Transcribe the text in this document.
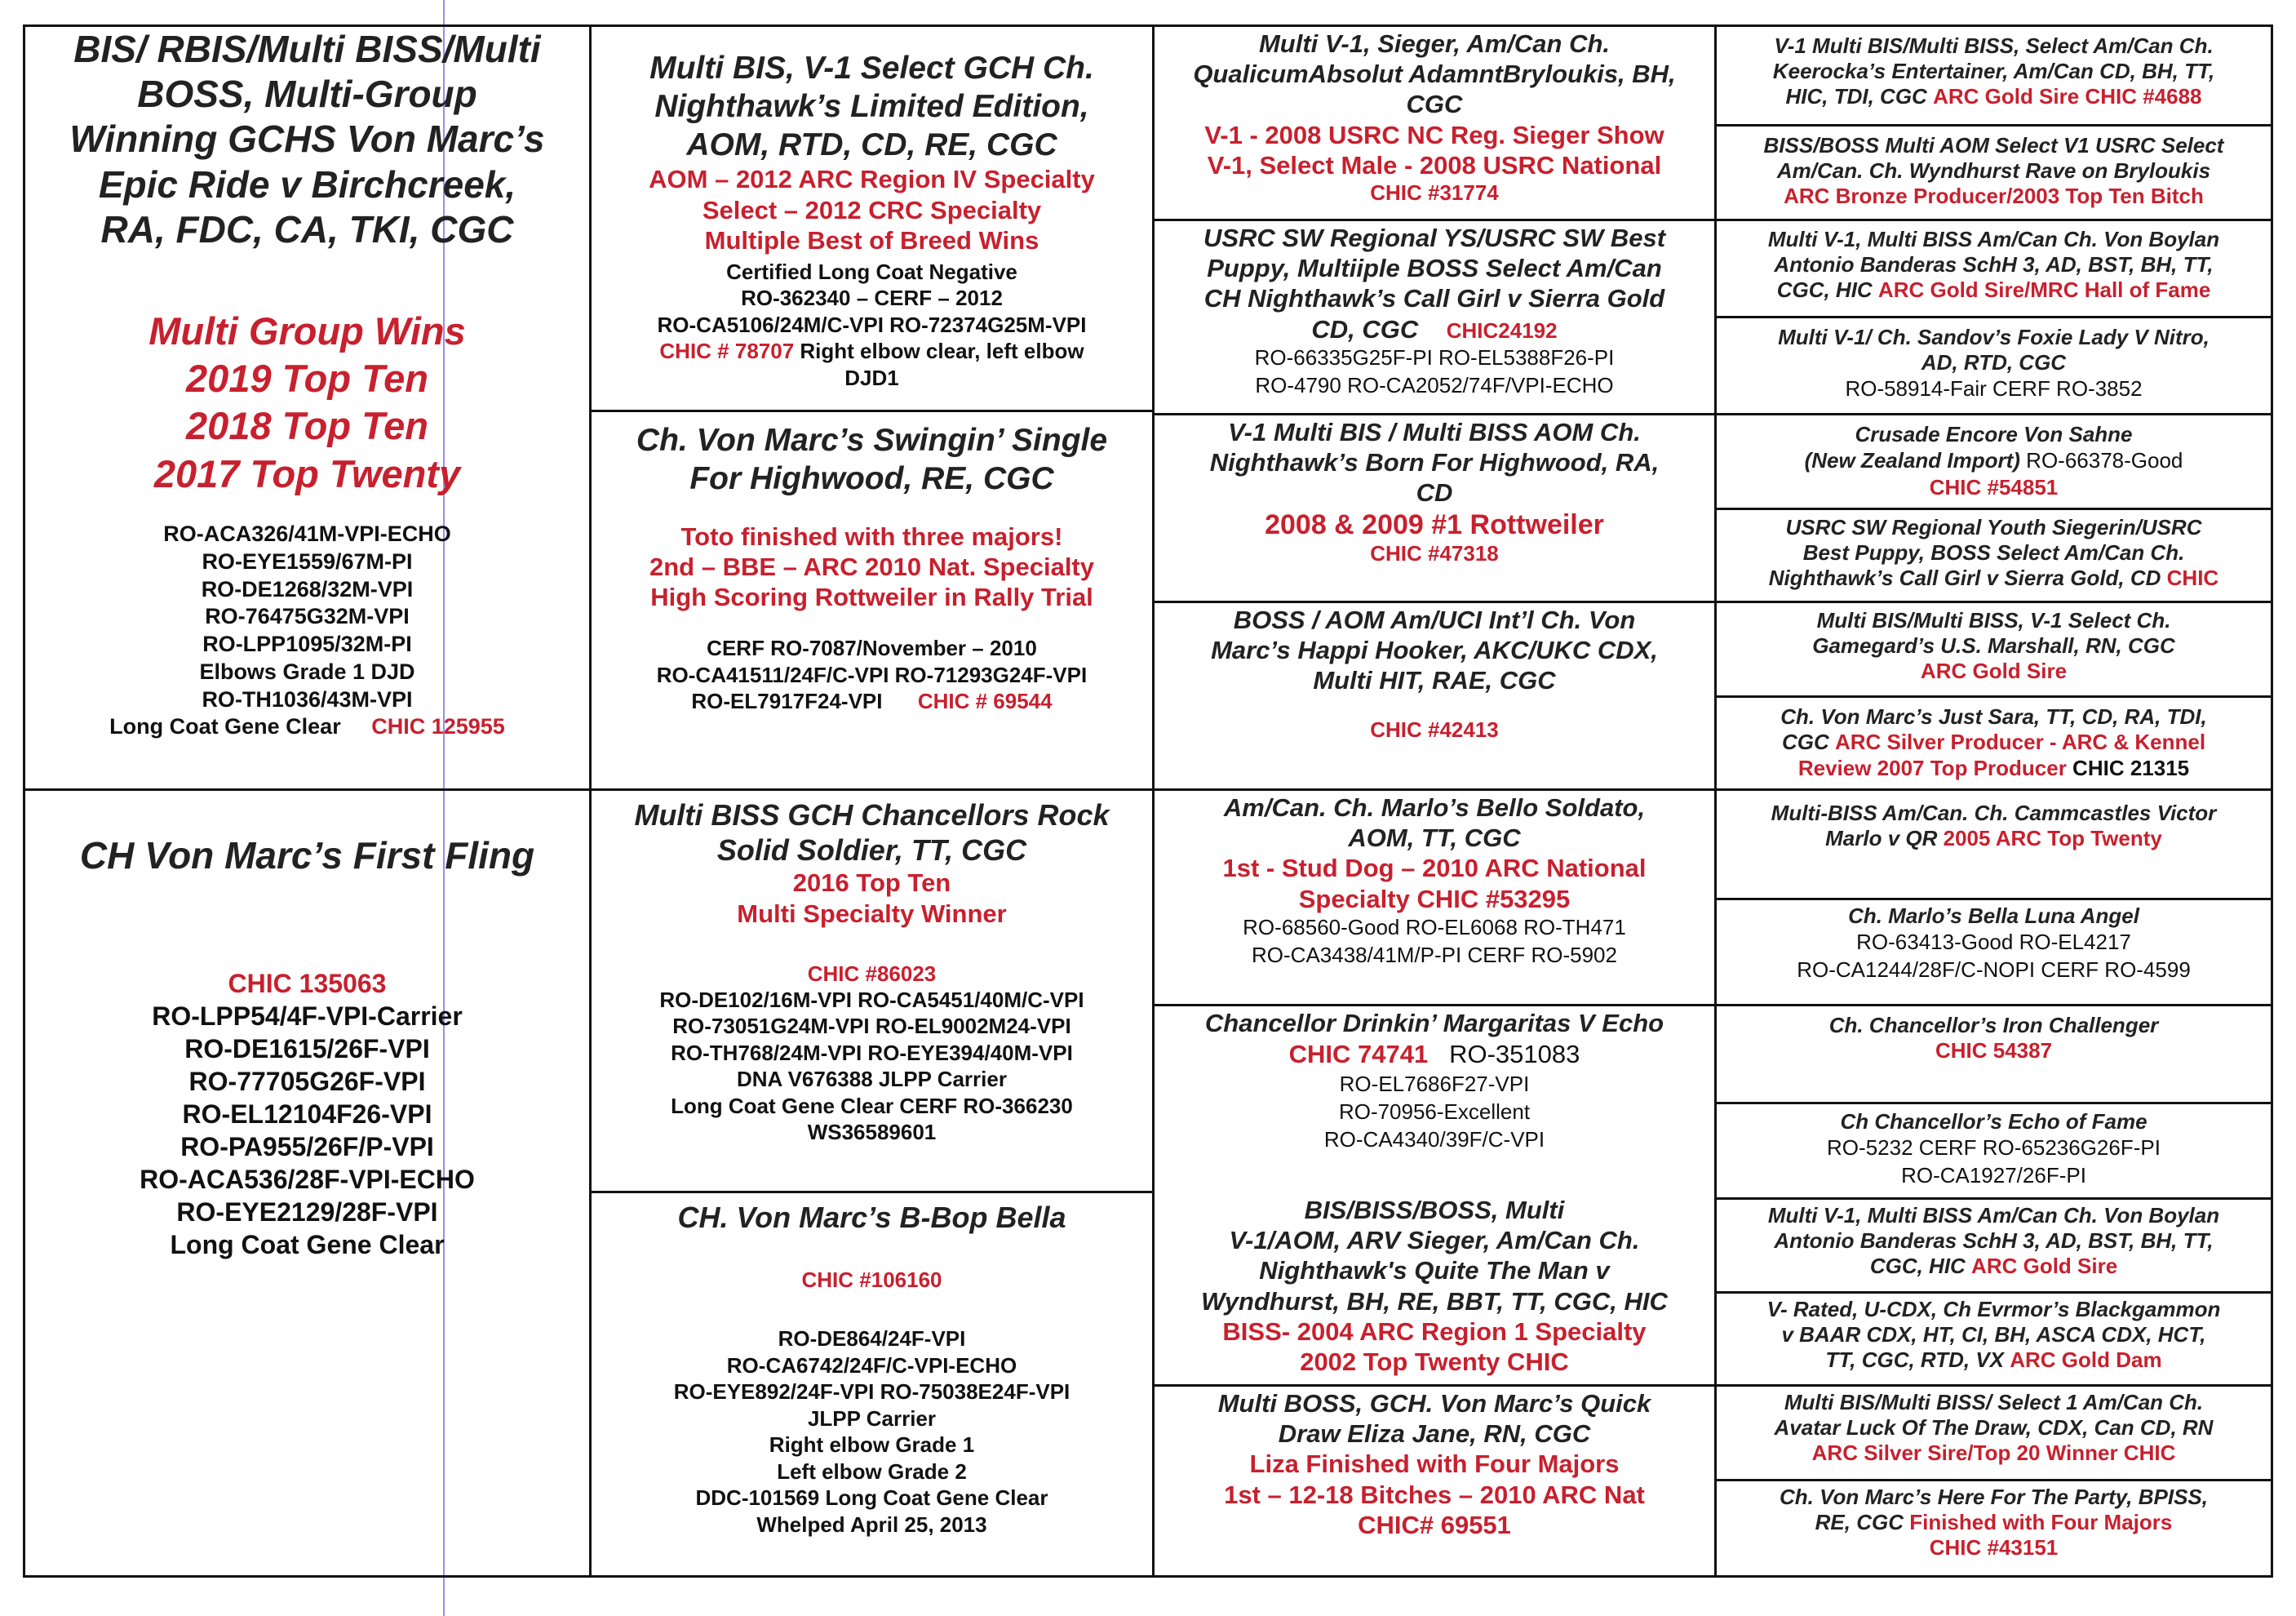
BIS/ RBIS/Multi BISS/Multi
BOSS, Multi-Group
Winning GCHS Von Marc’s
Epic Ride v Birchcreek,
RA, FDC, CA, TKI, CGC
Multi Group Wins
2019 Top Ten
2018 Top Ten
2017 Top Twenty
RO-ACA326/41M-VPI-ECHO
RO-EYE1559/67M-PI
RO-DE1268/32M-VPI
RO-76475G32M-VPI
RO-LPP1095/32M-PI
Elbows Grade 1 DJD
RO-TH1036/43M-VPI
Long Coat Gene Clear CHIC 125955
CH Von Marc’s First Fling
CHIC 135063
RO-LPP54/4F-VPI-Carrier
RO-DE1615/26F-VPI
RO-77705G26F-VPI
RO-EL12104F26-VPI
RO-PA955/26F/P-VPI
RO-ACA536/28F-VPI-ECHO
RO-EYE2129/28F-VPI
Long Coat Gene Clear
Multi BIS, V-1 Select GCH Ch.
Nighthawk’s Limited Edition,
AOM, RTD, CD, RE, CGC
AOM – 2012 ARC Region IV Specialty
Select – 2012 CRC Specialty
Multiple Best of Breed Wins
Certified Long Coat Negative
RO-362340 – CERF – 2012
RO-CA5106/24M/C-VPI RO-72374G25M-VPI
CHIC # 78707 Right elbow clear, left elbow
DJD1
Ch. Von Marc’s Swingin’ Single
For Highwood, RE, CGC
Toto finished with three majors!
2nd – BBE – ARC 2010 Nat. Specialty
High Scoring Rottweiler in Rally Trial
CERF RO-7087/November – 2010
RO-CA41511/24F/C-VPI RO-71293G24F-VPI
RO-EL7917F24-VPI CHIC # 69544
Multi BISS GCH Chancellors Rock
Solid Soldier, TT, CGC
2016 Top Ten
Multi Specialty Winner
CHIC #86023
RO-DE102/16M-VPI RO-CA5451/40M/C-VPI
RO-73051G24M-VPI RO-EL9002M24-VPI
RO-TH768/24M-VPI RO-EYE394/40M-VPI
DNA V676388 JLPP Carrier
Long Coat Gene Clear CERF RO-366230
WS36589601
CH. Von Marc’s B-Bop Bella
CHIC #106160
RO-DE864/24F-VPI
RO-CA6742/24F/C-VPI-ECHO
RO-EYE892/24F-VPI RO-75038E24F-VPI
JLPP Carrier
Right elbow Grade 1
Left elbow Grade 2
DDC-101569 Long Coat Gene Clear
Whelped April 25, 2013
Multi V-1, Sieger, Am/Can Ch.
QualicumAbsolut AdamntBryloukis, BH,
CGC
V-1 - 2008 USRC NC Reg. Sieger Show
V-1, Select Male - 2008 USRC National
CHIC #31774
USRC SW Regional YS/USRC SW Best
Puppy, Multiiple BOSS Select Am/Can
CH Nighthawk’s Call Girl v Sierra Gold
CD, CGC CHIC24192
RO-66335G25F-PI RO-EL5388F26-PI
RO-4790 RO-CA2052/74F/VPI-ECHO
V-1 Multi BIS / Multi BISS AOM Ch.
Nighthawk’s Born For Highwood, RA,
CD
2008 & 2009 #1 Rottweiler
CHIC #47318
BOSS / AOM Am/UCI Int’l Ch. Von
Marc’s Happi Hooker, AKC/UKC CDX,
Multi HIT, RAE, CGC
CHIC #42413
Am/Can. Ch. Marlo’s Bello Soldato,
AOM, TT, CGC
1st - Stud Dog – 2010 ARC National
Specialty CHIC #53295
RO-68560-Good RO-EL6068 RO-TH471
RO-CA3438/41M/P-PI CERF RO-5902
Chancellor Drinkin’ Margaritas V Echo
CHIC 74741 RO-351083
RO-EL7686F27-VPI
RO-70956-Excellent
RO-CA4340/39F/C-VPI
BIS/BISS/BOSS, Multi
V-1/AOM, ARV Sieger, Am/Can Ch.
Nighthawk's Quite The Man v
Wyndhurst, BH, RE, BBT, TT, CGC, HIC
BISS- 2004 ARC Region 1 Specialty
2002 Top Twenty CHIC
Multi BOSS, GCH. Von Marc’s Quick
Draw Eliza Jane, RN, CGC
Liza Finished with Four Majors
1st – 12-18 Bitches – 2010 ARC Nat
CHIC# 69551
V-1 Multi BIS/Multi BISS, Select Am/Can Ch.
Keerocka’s Entertainer, Am/Can CD, BH, TT,
HIC, TDI, CGC ARC Gold Sire CHIC #4688
BISS/BOSS Multi AOM Select V1 USRC Select
Am/Can. Ch. Wyndhurst Rave on Bryloukis
ARC Bronze Producer/2003 Top Ten Bitch
Multi V-1, Multi BISS Am/Can Ch. Von Boylan
Antonio Banderas SchH 3, AD, BST, BH, TT,
CGC, HIC ARC Gold Sire/MRC Hall of Fame
Multi V-1/ Ch. Sandov’s Foxie Lady V Nitro,
AD, RTD, CGC
RO-58914-Fair CERF RO-3852
Crusade Encore Von Sahne
(New Zealand Import) RO-66378-Good
CHIC #54851
USRC SW Regional Youth Siegerin/USRC
Best Puppy, BOSS Select Am/Can Ch.
Nighthawk’s Call Girl v Sierra Gold, CD CHIC
Multi BIS/Multi BISS, V-1 Select Ch.
Gamegard’s U.S. Marshall, RN, CGC
ARC Gold Sire
Ch. Von Marc’s Just Sara, TT, CD, RA, TDI,
CGC ARC Silver Producer - ARC & Kennel
Review 2007 Top Producer CHIC 21315
Multi-BISS Am/Can. Ch. Cammcastles Victor
Marlo v QR 2005 ARC Top Twenty
Ch. Marlo’s Bella Luna Angel
RO-63413-Good RO-EL4217
RO-CA1244/28F/C-NOPI CERF RO-4599
Ch. Chancellor’s Iron Challenger
CHIC 54387
Ch Chancellor’s Echo of Fame
RO-5232 CERF RO-65236G26F-PI
RO-CA1927/26F-PI
Multi V-1, Multi BISS Am/Can Ch. Von Boylan
Antonio Banderas SchH 3, AD, BST, BH, TT,
CGC, HIC ARC Gold Sire
V- Rated, U-CDX, Ch Evrmor’s Blackgammon
v BAAR CDX, HT, CI, BH, ASCA CDX, HCT,
TT, CGC, RTD, VX ARC Gold Dam
Multi BIS/Multi BISS/ Select 1 Am/Can Ch.
Avatar Luck Of The Draw, CDX, Can CD, RN
ARC Silver Sire/Top 20 Winner CHIC
Ch. Von Marc’s Here For The Party, BPISS,
RE, CGC Finished with Four Majors
CHIC #43151
